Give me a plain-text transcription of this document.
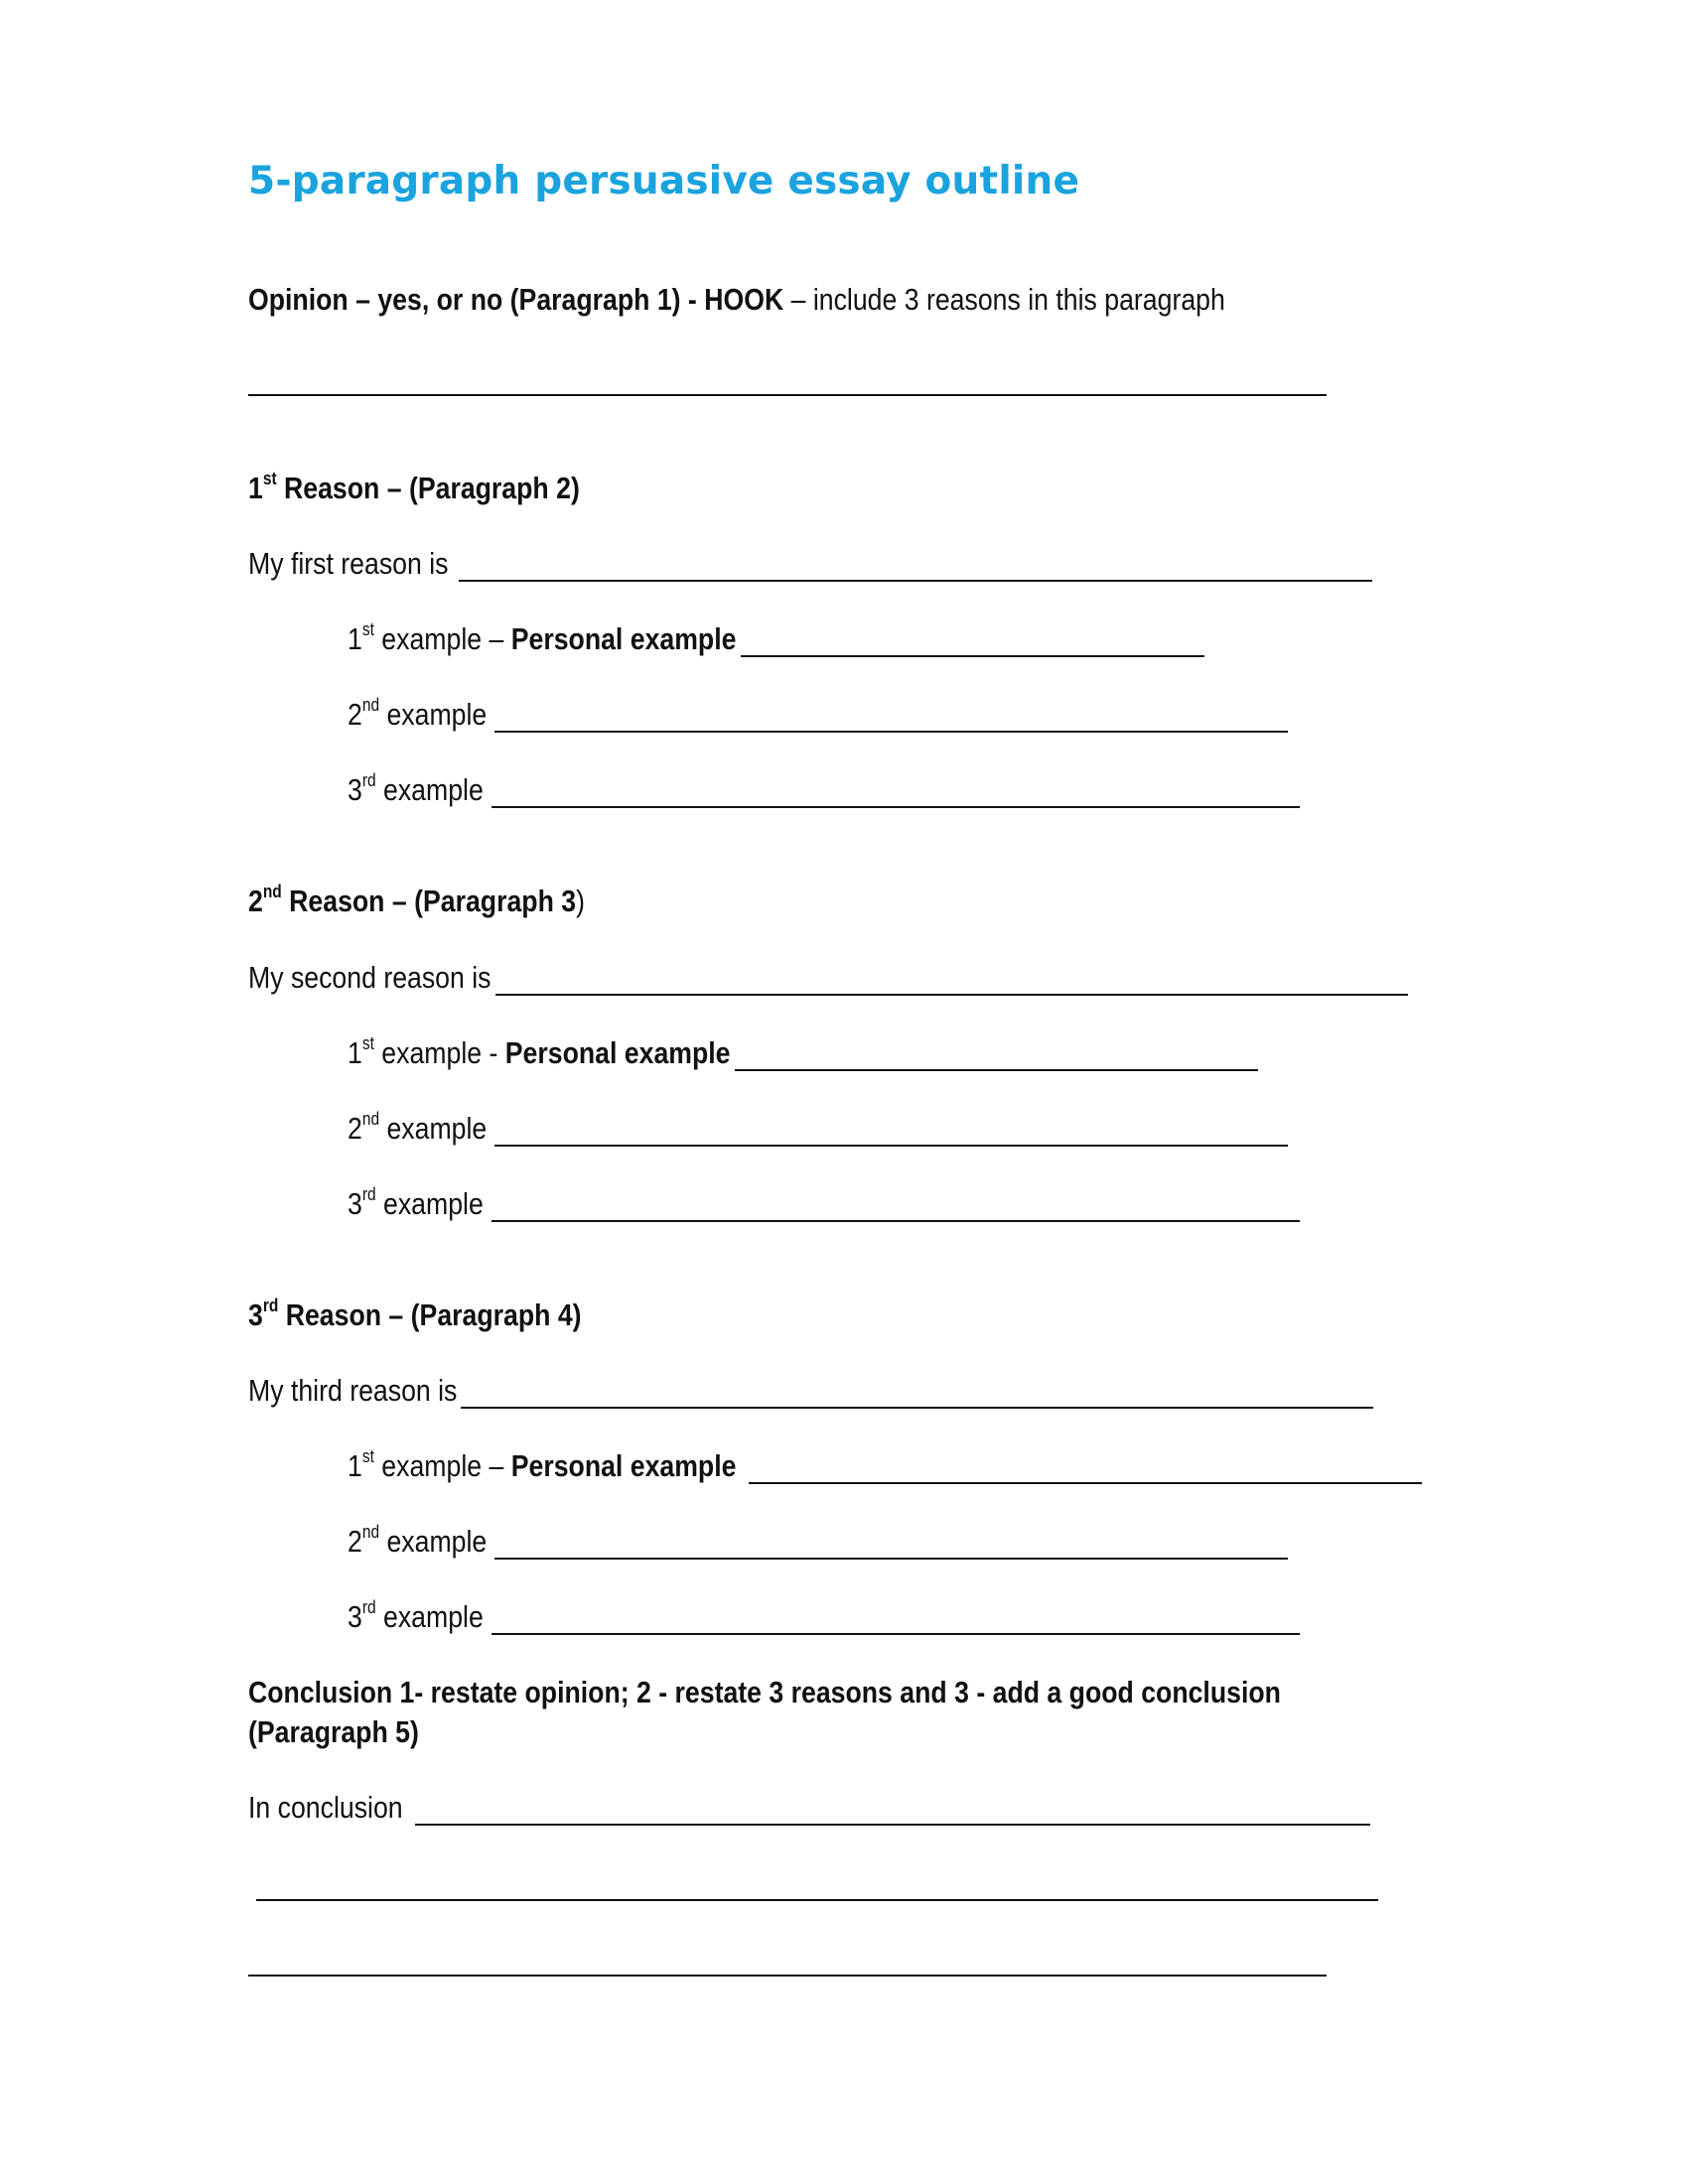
5-paragraph persuasive essay outline
Opinion – yes, or no (Paragraph 1) - HOOK – include 3 reasons in this paragraph
1st Reason – (Paragraph 2)
My first reason is
1st example – Personal example
2nd example
3rd example
2nd Reason – (Paragraph 3)
My second reason is
1st example - Personal example
2nd example
3rd example
3rd Reason – (Paragraph 4)
My third reason is
1st example – Personal example
2nd example
3rd example
Conclusion 1- restate opinion; 2 - restate 3 reasons and 3 - add a good conclusion
(Paragraph 5)
In conclusion
